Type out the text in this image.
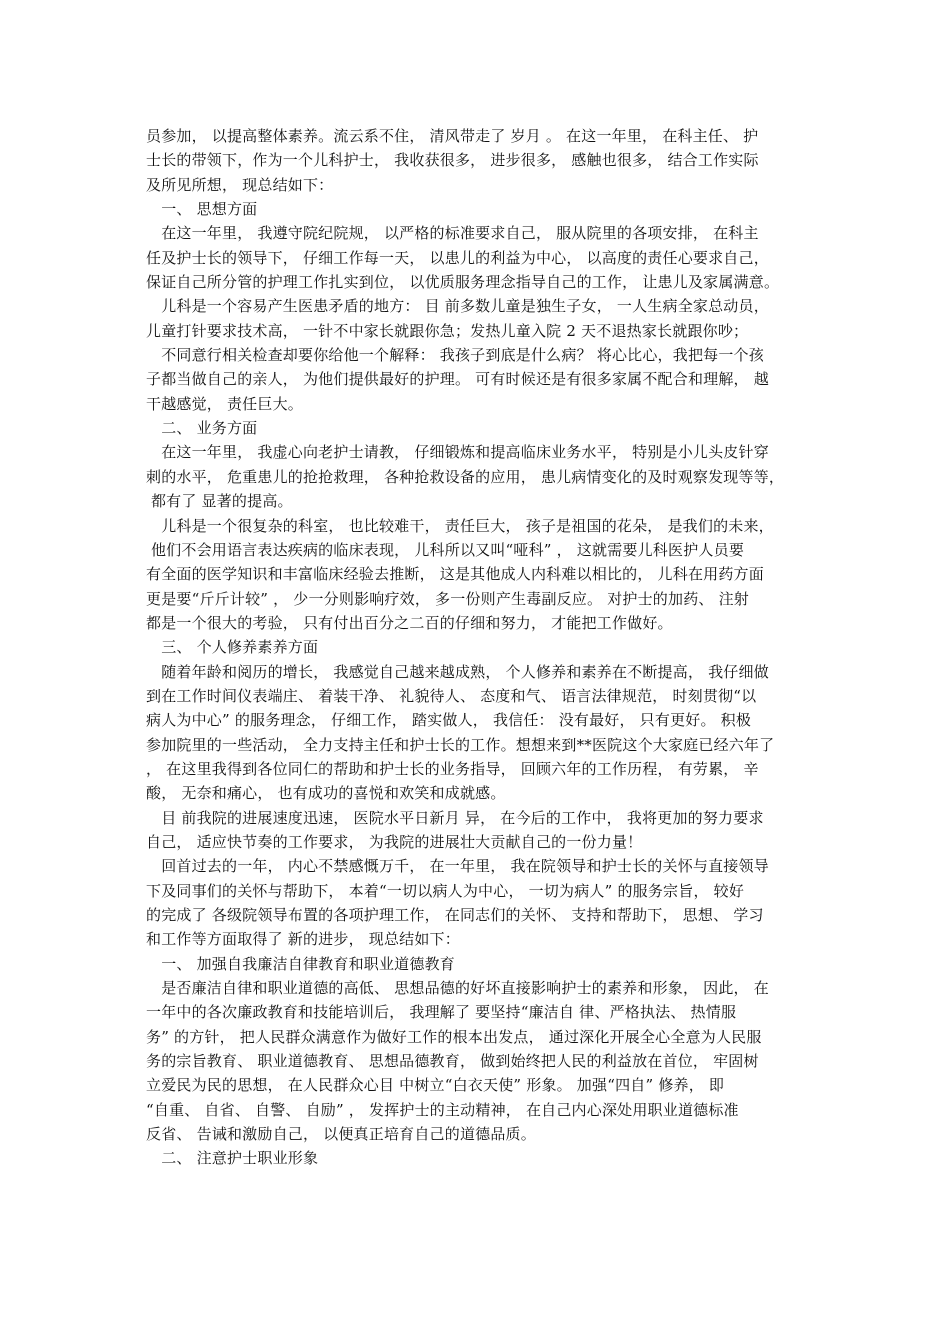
员参加， 以提高整体素养。流云系不住， 清风带走了 岁月 。 在这一年里， 在科主任、 护
士长的带领下，作为一个儿科护士， 我收获很多， 进步很多， 感触也很多， 结合工作实际
及所见所想， 现总结如下：
　一、 思想方面
　在这一年里， 我遵守院纪院规， 以严格的标准要求自己， 服从院里的各项安排， 在科主
任及护士长的领导下， 仔细工作每一天， 以患儿的利益为中心， 以高度的责任心要求自己，
保证自己所分管的护理工作扎实到位， 以优质服务理念指导自己的工作， 让患儿及家属满意。
　儿科是一个容易产生医患矛盾的地方： 目 前多数儿童是独生子女， 一人生病全家总动员，
儿童打针要求技术高， 一针不中家长就跟你急；发热儿童入院 2 天不退热家长就跟你吵；
　不同意行相关检查却要你给他一个解释： 我孩子到底是什么病？ 将心比心，我把每一个孩
子都当做自己的亲人， 为他们提供最好的护理。 可有时候还是有很多家属不配合和理解， 越
干越感觉， 责任巨大。
　二、 业务方面
　在这一年里， 我虚心向老护士请教， 仔细锻炼和提高临床业务水平， 特别是小儿头皮针穿
刺的水平， 危重患儿的抢抢救理， 各种抢救设备的应用， 患儿病情变化的及时观察发现等等，
都有了 显著的提高。
　儿科是一个很复杂的科室， 也比较难干， 责任巨大， 孩子是祖国的花朵， 是我们的未来，
他们不会用语言表达疾病的临床表现， 儿科所以又叫“哑科” ， 这就需要儿科医护人员要
有全面的医学知识和丰富临床经验去推断， 这是其他成人内科难以相比的， 儿科在用药方面
更是要“斤斤计较” ， 少一分则影响疗效， 多一份则产生毒副反应。 对护士的加药、 注射
都是一个很大的考验， 只有付出百分之二百的仔细和努力， 才能把工作做好。
　三、 个人修养素养方面
　随着年龄和阅历的增长， 我感觉自己越来越成熟， 个人修养和素养在不断提高， 我仔细做
到在工作时间仪表端庄、 着装干净、 礼貌待人、 态度和气、 语言法律规范， 时刻贯彻“以
病人为中心” 的服务理念， 仔细工作， 踏实做人， 我信任： 没有最好， 只有更好。 积极
参加院里的一些活动， 全力支持主任和护士长的工作。想想来到**医院这个大家庭已经六年了
， 在这里我得到各位同仁的帮助和护士长的业务指导， 回顾六年的工作历程， 有劳累， 辛
酸， 无奈和痛心， 也有成功的喜悦和欢笑和成就感。
　目 前我院的进展速度迅速， 医院水平日新月 异， 在今后的工作中， 我将更加的努力要求
自己， 适应快节奏的工作要求， 为我院的进展壮大贡献自己的一份力量！
　回首过去的一年， 内心不禁感慨万千， 在一年里， 我在院领导和护士长的关怀与直接领导
下及同事们的关怀与帮助下， 本着“一切以病人为中心， 一切为病人” 的服务宗旨， 较好
的完成了 各级院领导布置的各项护理工作， 在同志们的关怀、 支持和帮助下， 思想、 学习
和工作等方面取得了 新的进步， 现总结如下：
　一、 加强自我廉洁自律教育和职业道德教育
　是否廉洁自律和职业道德的高低、 思想品德的好坏直接影响护士的素养和形象， 因此， 在
一年中的各次廉政教育和技能培训后， 我理解了 要坚持“廉洁自 律、严格执法、 热情服
务” 的方针， 把人民群众满意作为做好工作的根本出发点， 通过深化开展全心全意为人民服
务的宗旨教育、 职业道德教育、 思想品德教育， 做到始终把人民的利益放在首位， 牢固树
立爱民为民的思想， 在人民群众心目 中树立“白衣天使” 形象。 加强“四自” 修养， 即
“自重、 自省、 自警、 自励” ， 发挥护士的主动精神， 在自己内心深处用职业道德标准
反省、 告诫和激励自己， 以便真正培育自己的道德品质。
　二、 注意护士职业形象
